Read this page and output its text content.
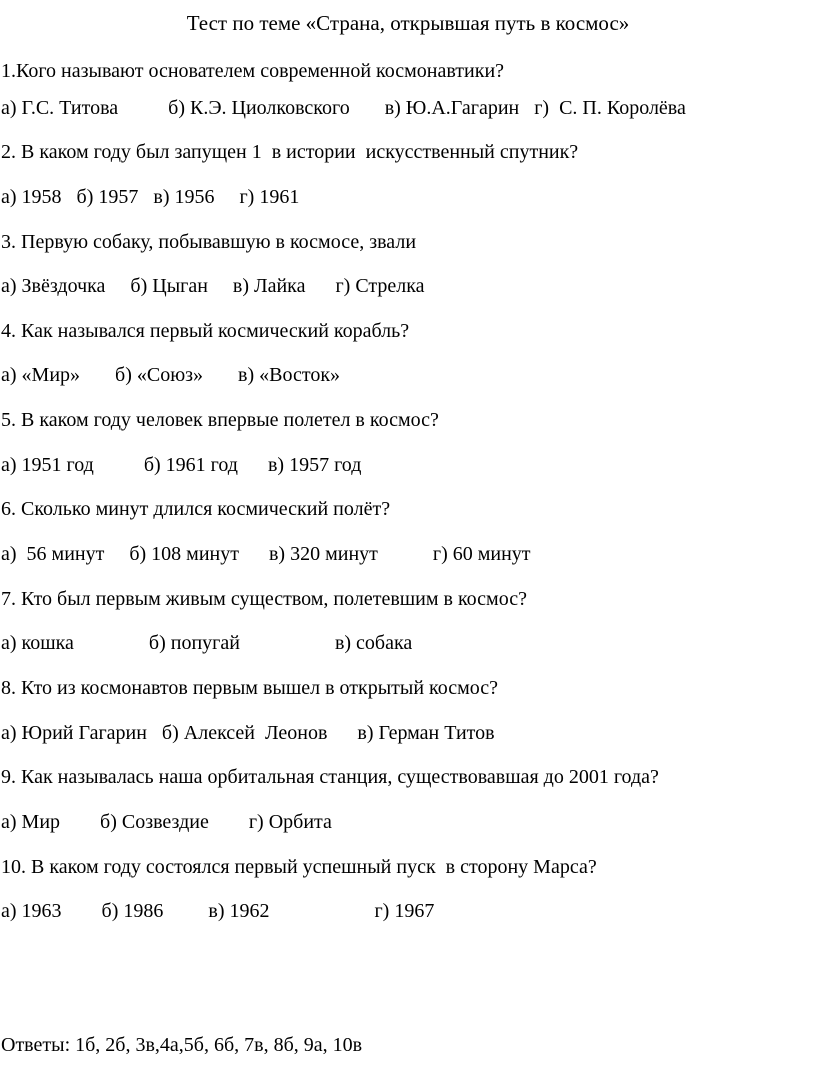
Тест по теме «Страна, открывшая путь в космос»
1.Кого называют основателем современной космонавтики?
а) Г.С. Титова          б) К.Э. Циолковского       в) Ю.А.Гагарин   г)  С. П. Королёва
2. В каком году был запущен 1  в истории  искусственный спутник?
а) 1958   б) 1957   в) 1956     г) 1961
3. Первую собаку, побывавшую в космосе, звали
а) Звёздочка     б) Цыган     в) Лайка      г) Стрелка
4. Как назывался первый космический корабль?
а) «Мир»       б) «Союз»       в) «Восток»
5. В каком году человек впервые полетел в космос?
а) 1951 год          б) 1961 год      в) 1957 год
6. Сколько минут длился космический полёт?
а)  56 минут     б) 108 минут      в) 320 минут           г) 60 минут
7. Кто был первым живым существом, полетевшим в космос?
а) кошка               б) попугай                   в) собака
8. Кто из космонавтов первым вышел в открытый космос?
а) Юрий Гагарин   б) Алексей  Леонов      в) Герман Титов
9. Как называлась наша орбитальная станция, существовавшая до 2001 года?
а) Мир        б) Созвездие        г) Орбита
10. В каком году состоялся первый успешный пуск  в сторону Марса?
а) 1963        б) 1986         в) 1962                     г) 1967
Ответы: 1б, 2б, 3в,4а,5б, 6б, 7в, 8б, 9а, 10в
